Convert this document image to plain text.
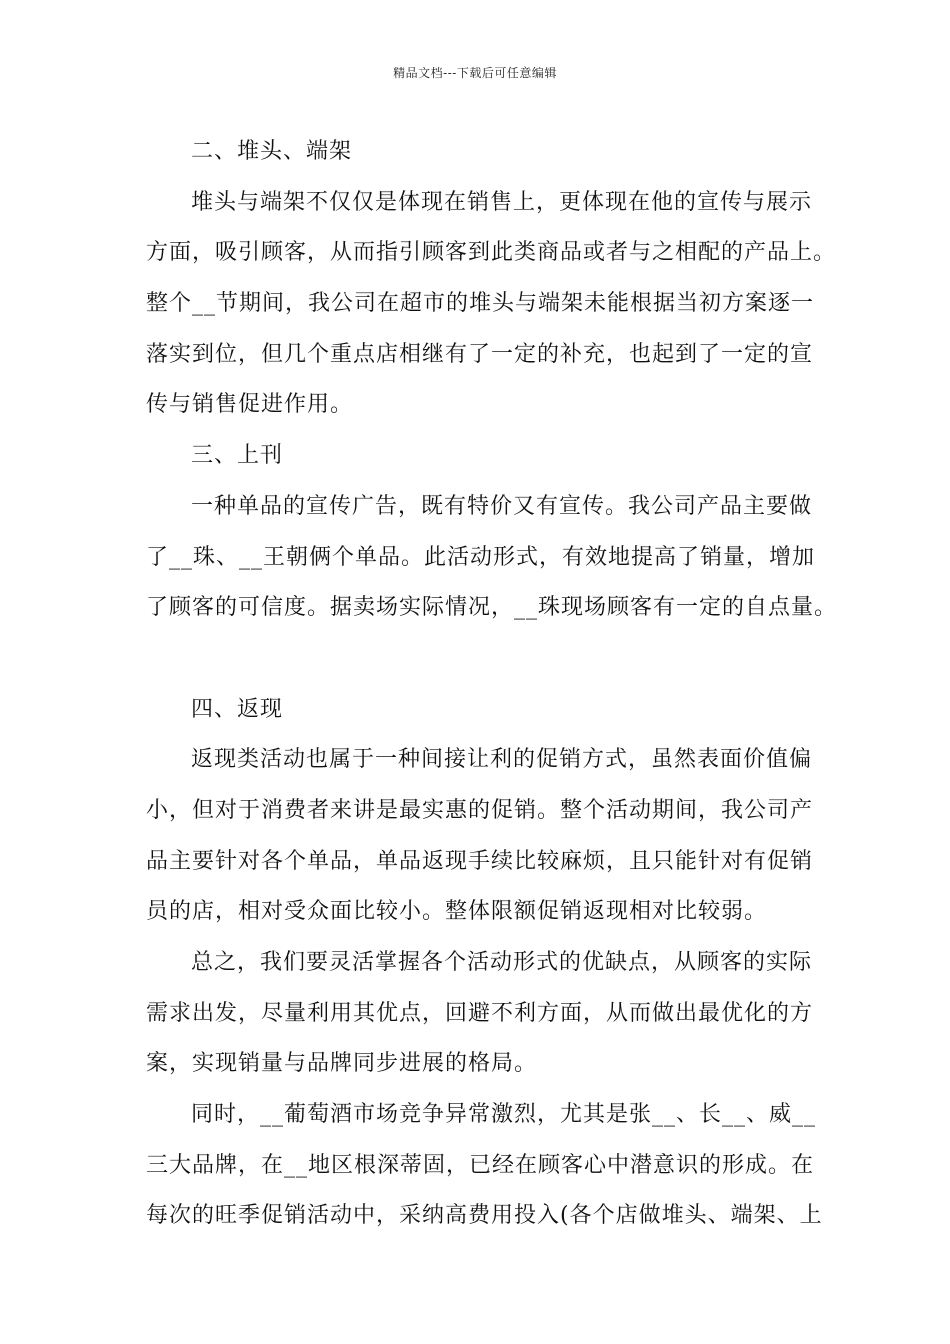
精品文档---下载后可任意编辑
二、堆头、端架
堆头与端架不仅仅是体现在销售上，更体现在他的宣传与展示
方面，吸引顾客，从而指引顾客到此类商品或者与之相配的产品上。
整个__节期间，我公司在超市的堆头与端架未能根据当初方案逐一
落实到位，但几个重点店相继有了一定的补充，也起到了一定的宣
传与销售促进作用。
三、上刊
一种单品的宣传广告，既有特价又有宣传。我公司产品主要做
了__珠、__王朝俩个单品。此活动形式，有效地提高了销量，增加
了顾客的可信度。据卖场实际情况，__珠现场顾客有一定的自点量。
四、返现
返现类活动也属于一种间接让利的促销方式，虽然表面价值偏
小，但对于消费者来讲是最实惠的促销。整个活动期间，我公司产
品主要针对各个单品，单品返现手续比较麻烦，且只能针对有促销
员的店，相对受众面比较小。整体限额促销返现相对比较弱。
总之，我们要灵活掌握各个活动形式的优缺点，从顾客的实际
需求出发，尽量利用其优点，回避不利方面，从而做出最优化的方
案，实现销量与品牌同步进展的格局。
同时，__葡萄酒市场竞争异常激烈，尤其是张__、长__、威__
三大品牌，在__地区根深蒂固，已经在顾客心中潜意识的形成。在
每次的旺季促销活动中，采纳高费用投入(各个店做堆头、端架、上
